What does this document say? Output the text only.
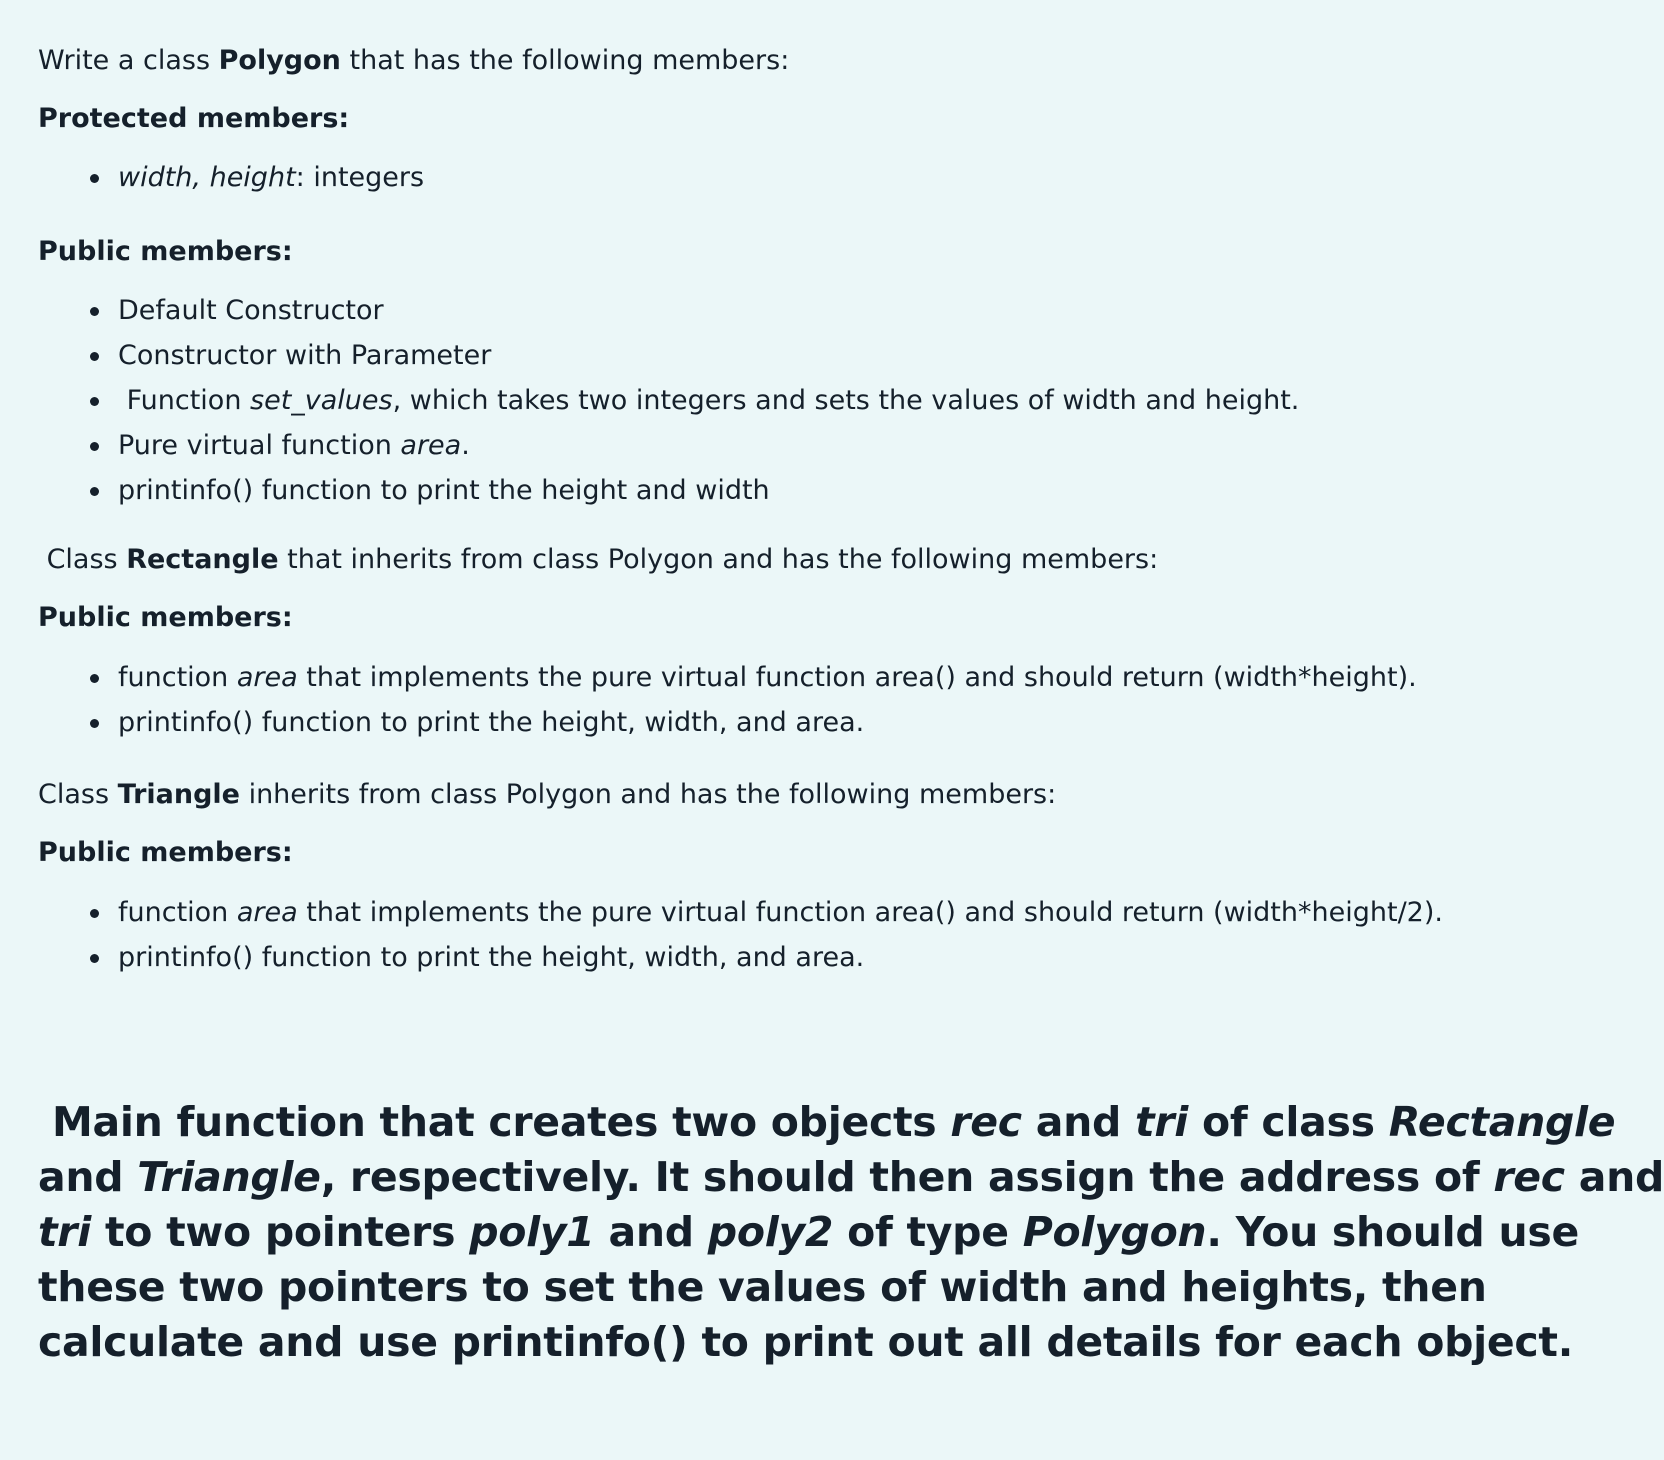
Write a class Polygon that has the following members:
Protected members:
width, height: integers
Public members:
Default Constructor
Constructor with Parameter
Function set_values, which takes two integers and sets the values of width and height.
Pure virtual function area.
printinfo() function to print the height and width
Class Rectangle that inherits from class Polygon and has the following members:
Public members:
function area that implements the pure virtual function area() and should return (width*height).
printinfo() function to print the height, width, and area.
Class Triangle inherits from class Polygon and has the following members:
Public members:
function area that implements the pure virtual function area() and should return (width*height/2).
printinfo() function to print the height, width, and area.
Main function that creates two objects rec and tri of class Rectangle
and Triangle, respectively. It should then assign the address of rec and
tri to two pointers poly1 and poly2 of type Polygon. You should use
these two pointers to set the values of width and heights, then
calculate and use printinfo() to print out all details for each object.
